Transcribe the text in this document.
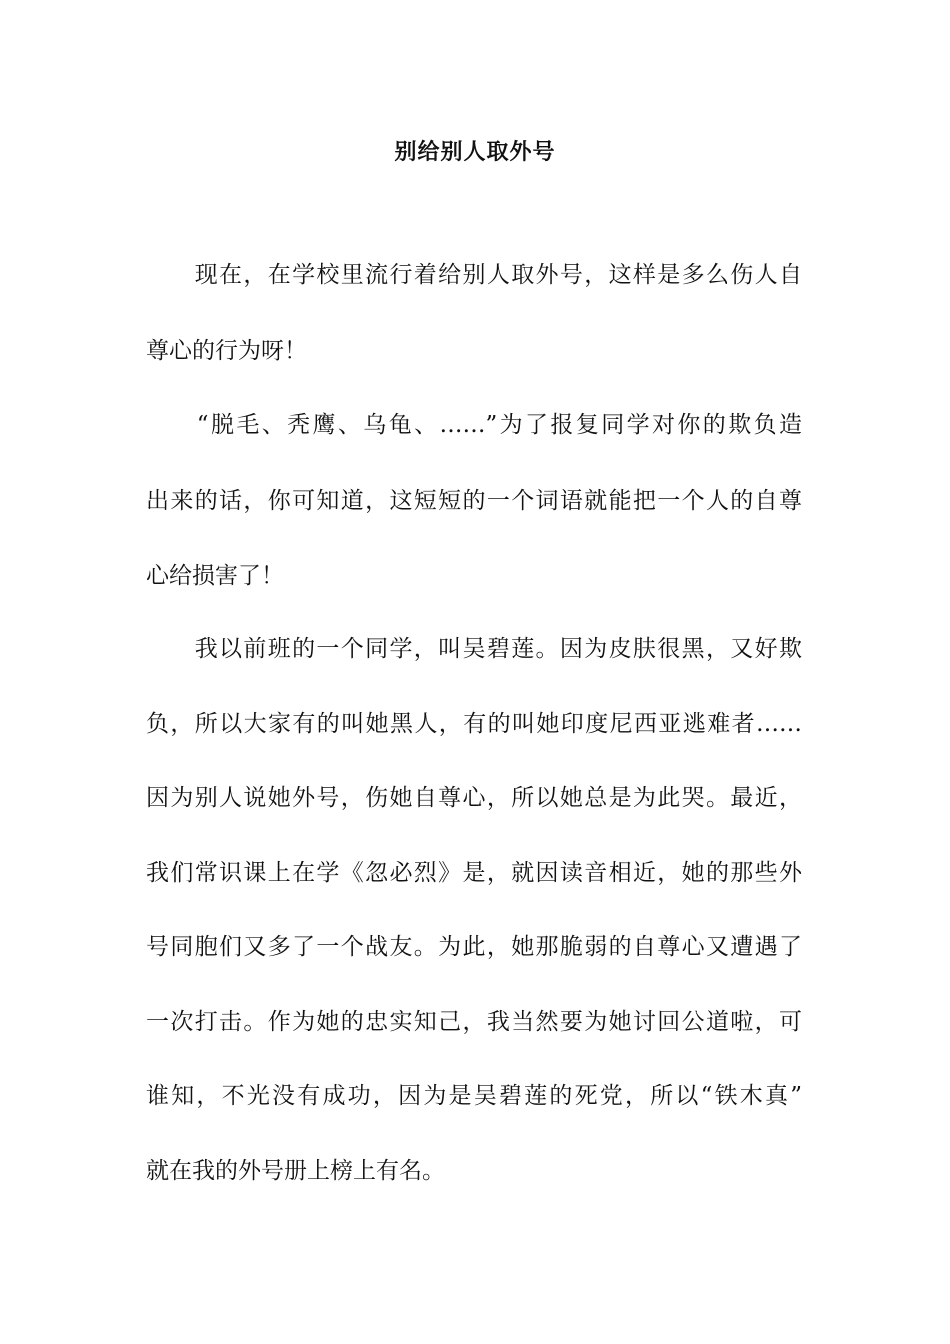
别给别人取外号
　　现在，在学校里流行着给别人取外号，这样是多么伤人自
尊心的行为呀！
　　“脱毛、秃鹰、乌龟、……”为了报复同学对你的欺负造
出来的话，你可知道，这短短的一个词语就能把一个人的自尊
心给损害了！
　　我以前班的一个同学，叫吴碧莲。因为皮肤很黑，又好欺
负，所以大家有的叫她黑人，有的叫她印度尼西亚逃难者……
因为别人说她外号，伤她自尊心，所以她总是为此哭。最近，
我们常识课上在学《忽必烈》是，就因读音相近，她的那些外
号同胞们又多了一个战友。为此，她那脆弱的自尊心又遭遇了
一次打击。作为她的忠实知己，我当然要为她讨回公道啦，可
谁知，不光没有成功，因为是吴碧莲的死党，所以“铁木真”
就在我的外号册上榜上有名。
